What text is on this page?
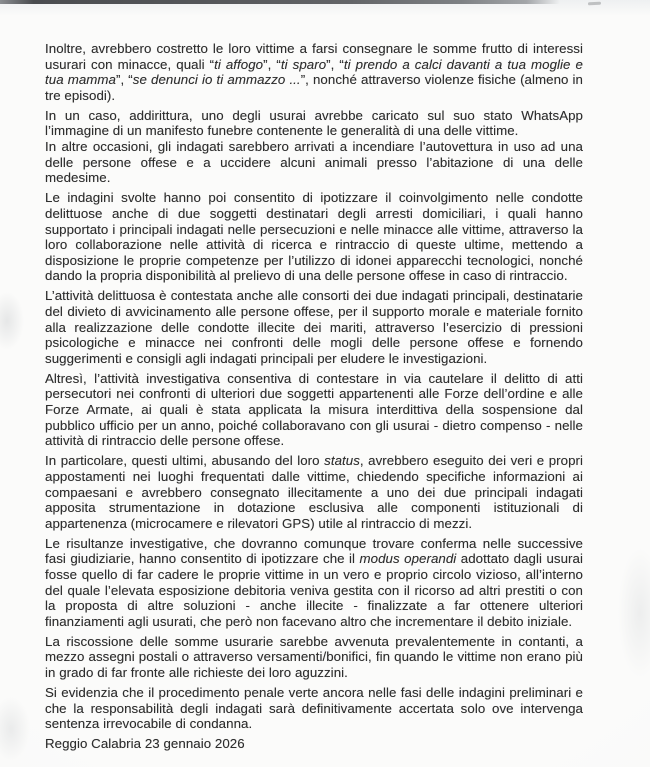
Inoltre, avrebbero costretto le loro vittime a farsi consegnare le somme frutto di interessi usurari con minacce, quali “ti affogo”, “ti sparo”, “ti prendo a calci davanti a tua moglie e tua mamma”, “se denunci io ti ammazzo ...”, nonché attraverso violenze fisiche (almeno in tre episodi).

In un caso, addirittura, uno degli usurai avrebbe caricato sul suo stato WhatsApp l’immagine di un manifesto funebre contenente le generalità di una delle vittime.
In altre occasioni, gli indagati sarebbero arrivati a incendiare l’autovettura in uso ad una delle persone offese e a uccidere alcuni animali presso l’abitazione di una delle medesime.

Le indagini svolte hanno poi consentito di ipotizzare il coinvolgimento nelle condotte delittuose anche di due soggetti destinatari degli arresti domiciliari, i quali hanno supportato i principali indagati nelle persecuzioni e nelle minacce alle vittime, attraverso la loro collaborazione nelle attività di ricerca e rintraccio di queste ultime, mettendo a disposizione le proprie competenze per l’utilizzo di idonei apparecchi tecnologici, nonché dando la propria disponibilità al prelievo di una delle persone offese in caso di rintraccio.

L’attività delittuosa è contestata anche alle consorti dei due indagati principali, destinatarie del divieto di avvicinamento alle persone offese, per il supporto morale e materiale fornito alla realizzazione delle condotte illecite dei mariti, attraverso l’esercizio di pressioni psicologiche e minacce nei confronti delle mogli delle persone offese e fornendo suggerimenti e consigli agli indagati principali per eludere le investigazioni.

Altresì, l’attività investigativa consentiva di contestare in via cautelare il delitto di atti persecutori nei confronti di ulteriori due soggetti appartenenti alle Forze dell’ordine e alle Forze Armate, ai quali è stata applicata la misura interdittiva della sospensione dal pubblico ufficio per un anno, poiché collaboravano con gli usurai - dietro compenso - nelle attività di rintraccio delle persone offese.

In particolare, questi ultimi, abusando del loro status, avrebbero eseguito dei veri e propri appostamenti nei luoghi frequentati dalle vittime, chiedendo specifiche informazioni ai compaesani e avrebbero consegnato illecitamente a uno dei due principali indagati apposita strumentazione in dotazione esclusiva alle componenti istituzionali di appartenenza (microcamere e rilevatori GPS) utile al rintraccio di mezzi.

Le risultanze investigative, che dovranno comunque trovare conferma nelle successive fasi giudiziarie, hanno consentito di ipotizzare che il modus operandi adottato dagli usurai fosse quello di far cadere le proprie vittime in un vero e proprio circolo vizioso, all’interno del quale l’elevata esposizione debitoria veniva gestita con il ricorso ad altri prestiti o con la proposta di altre soluzioni - anche illecite - finalizzate a far ottenere ulteriori finanziamenti agli usurati, che però non facevano altro che incrementare il debito iniziale.

La riscossione delle somme usurarie sarebbe avvenuta prevalentemente in contanti, a mezzo assegni postali o attraverso versamenti/bonifici, fin quando le vittime non erano più in grado di far fronte alle richieste dei loro aguzzini.

Si evidenzia che il procedimento penale verte ancora nelle fasi delle indagini preliminari e che la responsabilità degli indagati sarà definitivamente accertata solo ove intervenga sentenza irrevocabile di condanna.

Reggio Calabria 23 gennaio 2026
